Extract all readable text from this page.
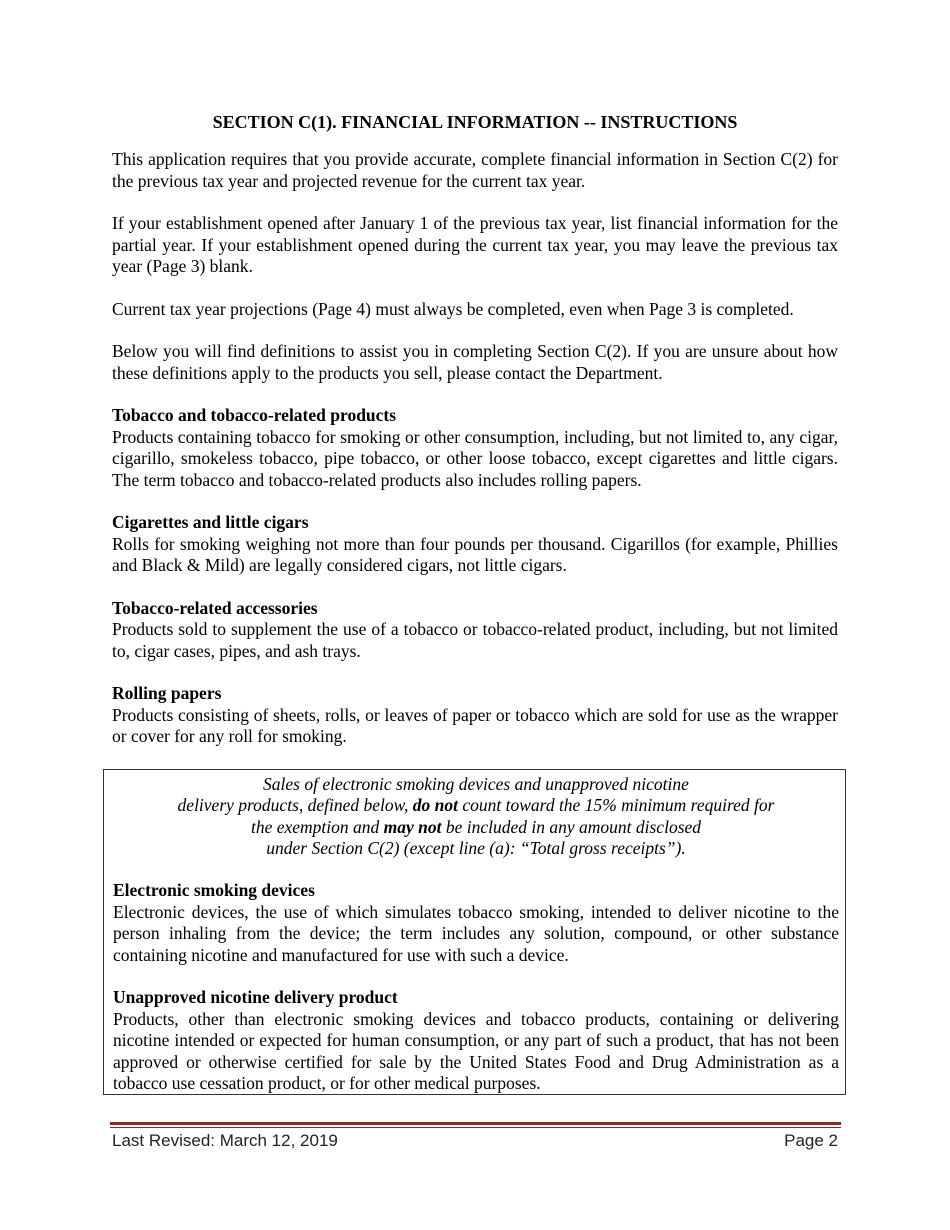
SECTION C(1). FINANCIAL INFORMATION -- INSTRUCTIONS

This application requires that you provide accurate, complete financial information in Section C(2) for the previous tax year and projected revenue for the current tax year.

If your establishment opened after January 1 of the previous tax year, list financial information for the partial year. If your establishment opened during the current tax year, you may leave the previous tax year (Page 3) blank.

Current tax year projections (Page 4) must always be completed, even when Page 3 is completed.

Below you will find definitions to assist you in completing Section C(2). If you are unsure about how these definitions apply to the products you sell, please contact the Department.

Tobacco and tobacco-related products
Products containing tobacco for smoking or other consumption, including, but not limited to, any cigar, cigarillo, smokeless tobacco, pipe tobacco, or other loose tobacco, except cigarettes and little cigars. The term tobacco and tobacco-related products also includes rolling papers.
Cigarettes and little cigars
Rolls for smoking weighing not more than four pounds per thousand. Cigarillos (for example, Phillies and Black & Mild) are legally considered cigars, not little cigars.
Tobacco-related accessories
Products sold to supplement the use of a tobacco or tobacco-related product, including, but not limited to, cigar cases, pipes, and ash trays.
Rolling papers
Products consisting of sheets, rolls, or leaves of paper or tobacco which are sold for use as the wrapper or cover for any roll for smoking.
Sales of electronic smoking devices and unapproved nicotine
delivery products, defined below, do not count toward the 15% minimum required for
the exemption and may not be included in any amount disclosed
under Section C(2) (except line (a): “Total gross receipts”).
Electronic smoking devices
Electronic devices, the use of which simulates tobacco smoking, intended to deliver nicotine to the person inhaling from the device; the term includes any solution, compound, or other substance containing nicotine and manufactured for use with such a device.
Unapproved nicotine delivery product
Products, other than electronic smoking devices and tobacco products, containing or delivering nicotine intended or expected for human consumption, or any part of such a product, that has not been approved or otherwise certified for sale by the United States Food and Drug Administration as a tobacco use cessation product, or for other medical purposes.
Last Revised: March 12, 2019	Page 2
